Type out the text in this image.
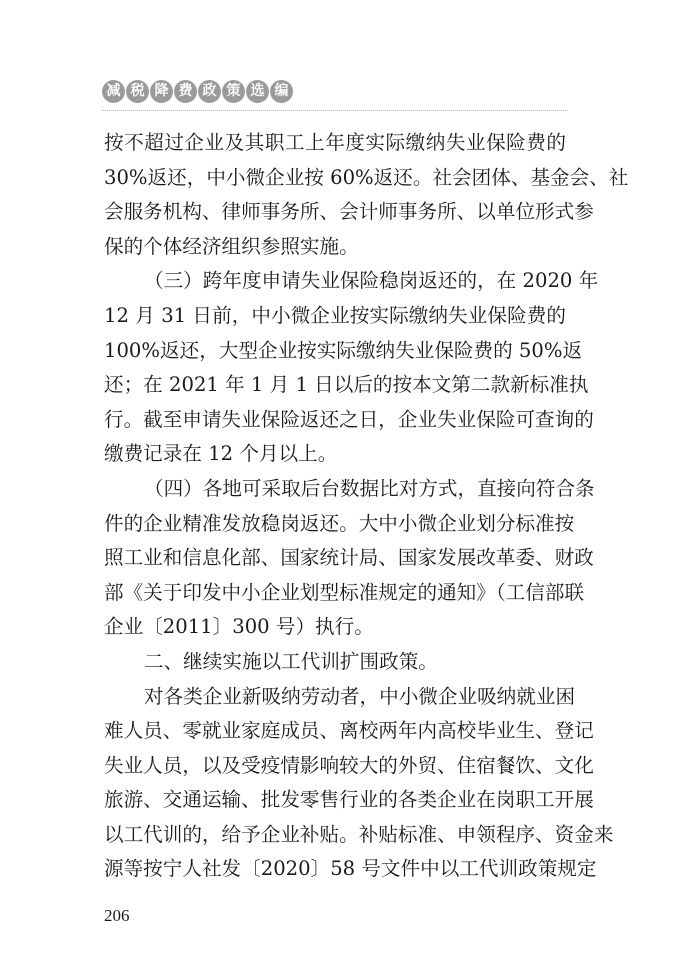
减 税 降 费 政 策 选 编
按不超过企业及其职工上年度实际缴纳失业保险费的
30%返还，中小微企业按 60%返还。社会团体、基金会、社
会服务机构、律师事务所、会计师事务所、以单位形式参
保的个体经济组织参照实施。
（三）跨年度申请失业保险稳岗返还的，在 2020 年
12 月 31 日前，中小微企业按实际缴纳失业保险费的
100%返还，大型企业按实际缴纳失业保险费的 50%返
还；在 2021 年 1 月 1 日以后的按本文第二款新标准执
行。截至申请失业保险返还之日，企业失业保险可查询的
缴费记录在 12 个月以上。
（四）各地可采取后台数据比对方式，直接向符合条
件的企业精准发放稳岗返还。大中小微企业划分标准按
照工业和信息化部、国家统计局、国家发展改革委、财政
部《关于印发中小企业划型标准规定的通知》（工信部联
企业〔2011〕300 号）执行。
二、继续实施以工代训扩围政策。
对各类企业新吸纳劳动者，中小微企业吸纳就业困
难人员、零就业家庭成员、离校两年内高校毕业生、登记
失业人员，以及受疫情影响较大的外贸、住宿餐饮、文化
旅游、交通运输、批发零售行业的各类企业在岗职工开展
以工代训的，给予企业补贴。补贴标准、申领程序、资金来
源等按宁人社发〔2020〕58 号文件中以工代训政策规定
206
